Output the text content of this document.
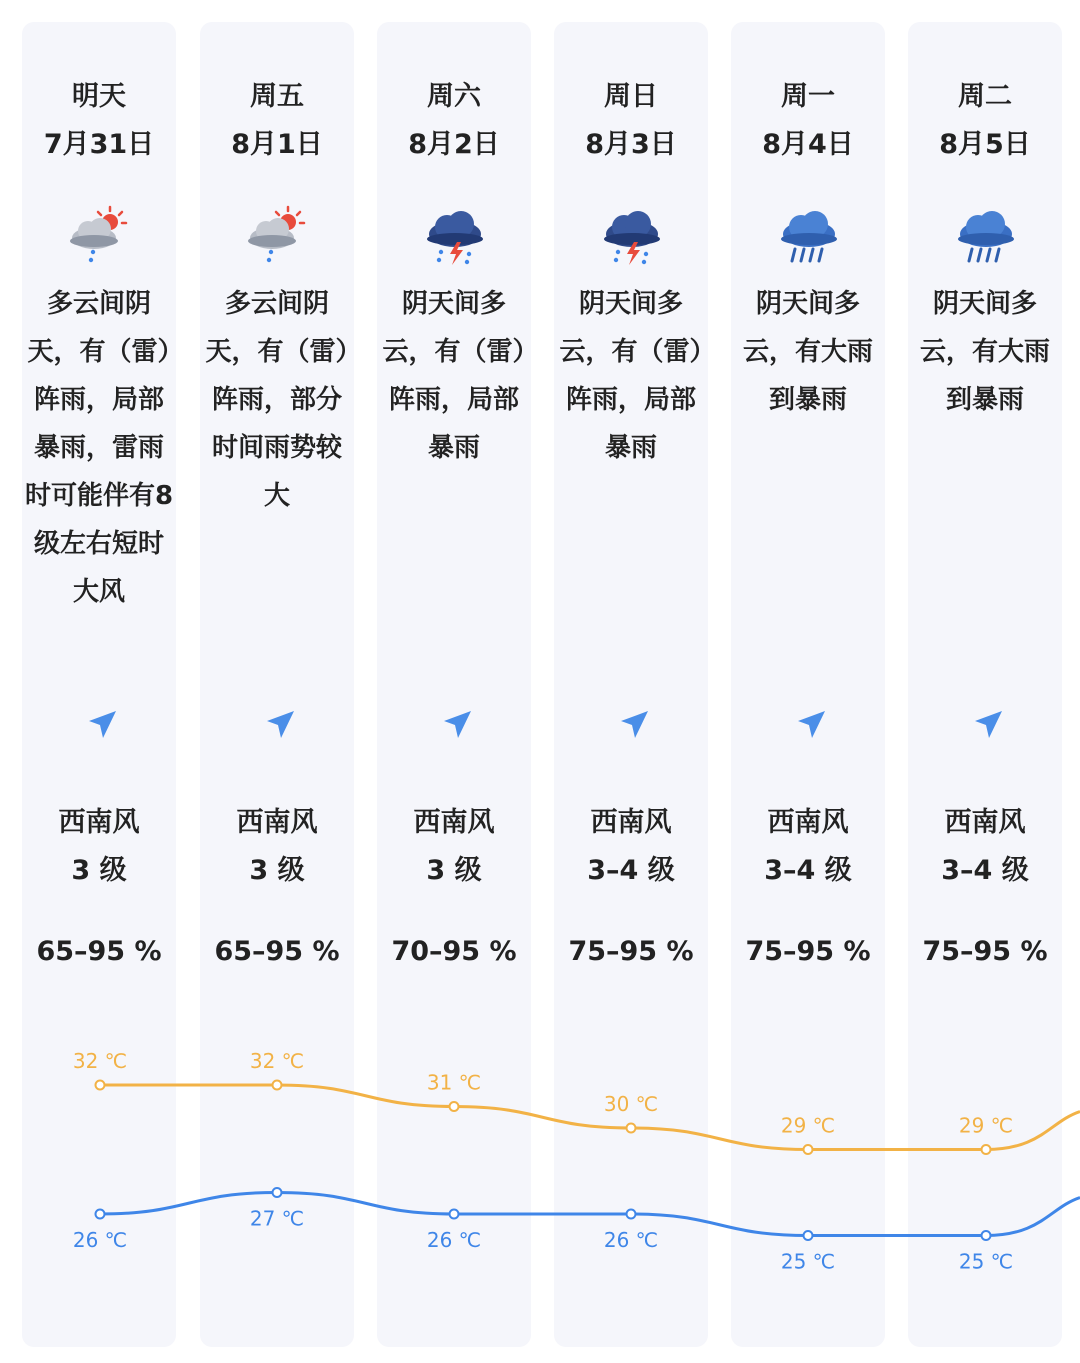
明天
7月31日
多云间阴天，有（雷）阵雨，局部暴雨，雷雨时可能伴有8级左右短时大风
西南风
3 级
65–95 %
周五
8月1日
多云间阴天，有（雷）阵雨，部分时间雨势较大
西南风
3 级
65–95 %
周六
8月2日
阴天间多云，有（雷）阵雨，局部暴雨
西南风
3 级
70–95 %
周日
8月3日
阴天间多云，有（雷）阵雨，局部暴雨
西南风
3–4 级
75–95 %
周一
8月4日
阴天间多云，有大雨到暴雨
西南风
3–4 级
75–95 %
周二
8月5日
阴天间多云，有大雨到暴雨
西南风
3–4 级
75–95 %
32 ℃	32 ℃
31 ℃
30 ℃
29 ℃	29 ℃
26 ℃
27 ℃
26 ℃	26 ℃
25 ℃	25 ℃
